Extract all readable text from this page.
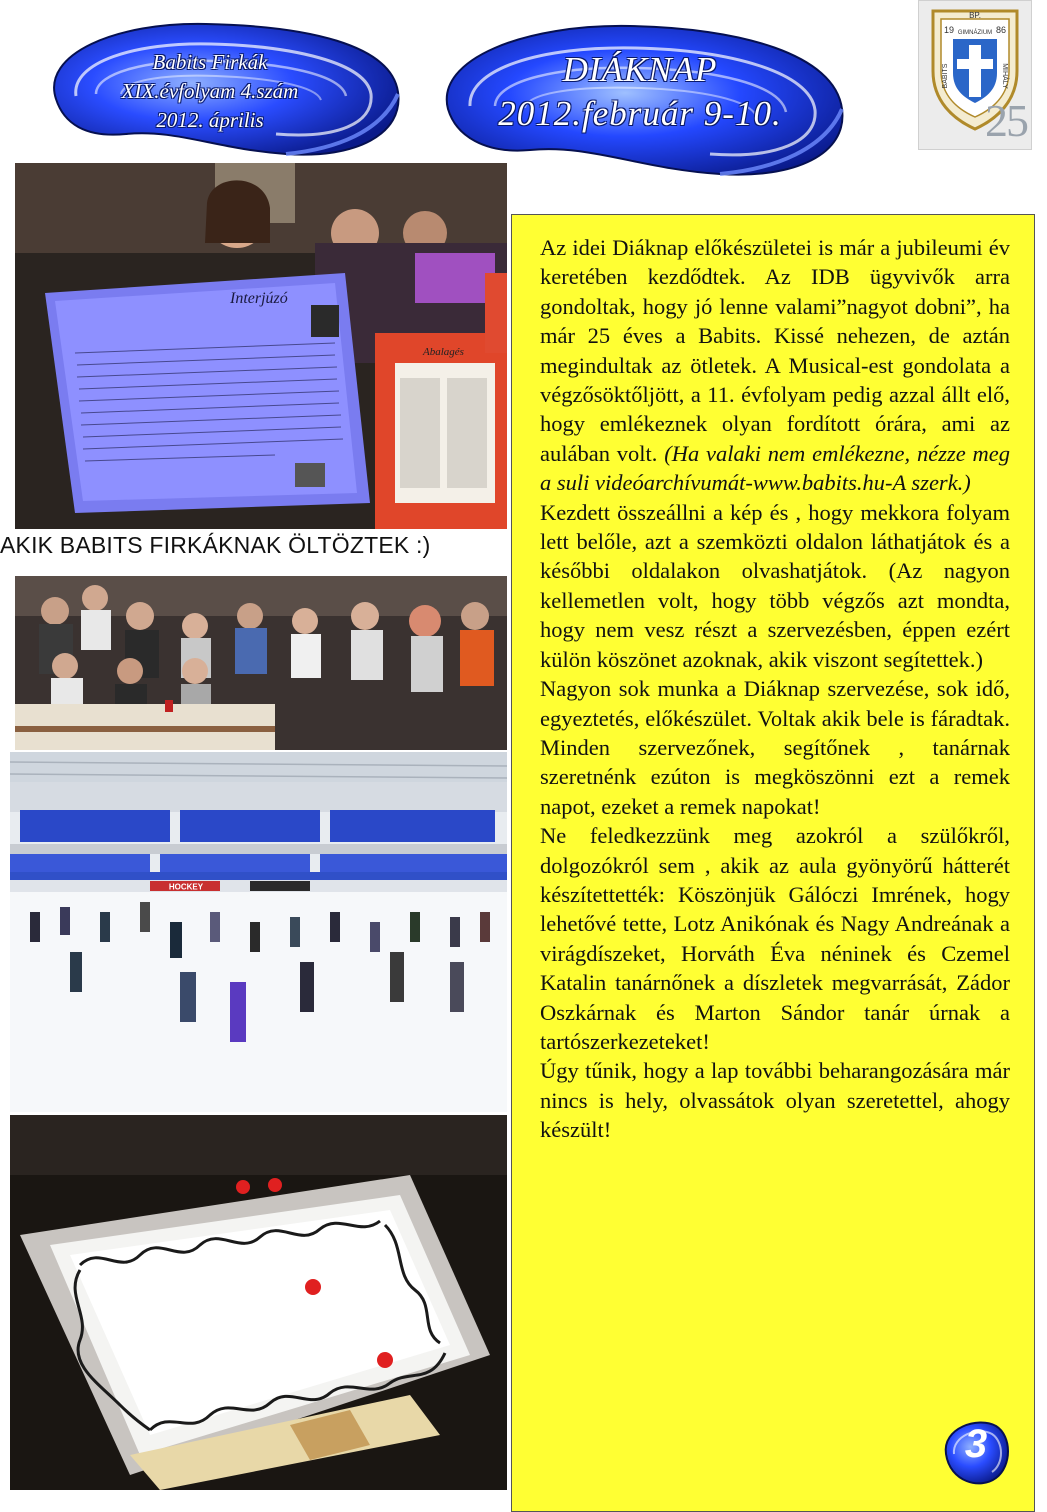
Babits Firkák
XIX.évfolyam 4.szám
2012. április
DIÁKNAP
2012.február 9-10.
BP.
19	86
GIMNÁZIUM
BABITS	MIHÁLY
25
Interjúzó
Abalagés
AKIK BABITS FIRKÁKNAK ÖLTÖZTEK :)
HOCKEY

Az idei Diáknap előkészületei is már a jubileumi év keretében kezdődtek. Az IDB ügyvivők arra gondoltak, hogy jó lenne valami”nagyot dobni”, ha már 25 éves a Babits. Kissé nehezen, de aztán megindultak az ötletek. A Musical-est gondolata a végzősöktőljött, a 11. évfolyam pedig azzal állt elő, hogy emlékeznek olyan fordított órára, ami az aulában volt. (Ha valaki nem emlékezne, nézze meg a suli videóarchívumát-www.babits.hu-A szerk.)

Kezdett összeállni a kép és , hogy mekkora folyam lett belőle, azt a szemközti oldalon láthatjátok és a későbbi oldalakon olvashatjátok. (Az nagyon kellemetlen volt, hogy több végzős azt mondta, hogy nem vesz részt a szervezésben, éppen ezért külön köszönet azoknak, akik viszont segítettek.)

Nagyon sok munka a Diáknap szervezése, sok idő, egyeztetés, előkészület. Voltak akik bele is fáradtak. Minden szervezőnek, segítőnek , tanárnak szeretnénk ezúton is megköszönni ezt a remek napot, ezeket a remek napokat!

Ne feledkezzünk meg azokról a szülőkről, dolgozókról sem , akik az aula gyönyörű hátterét készítettették: Köszönjük Gálóczi Imrének, hogy lehetővé tette, Lotz Anikónak és Nagy Andreának a virágdíszeket, Horváth Éva néninek és Czemel Katalin tanárnőnek a díszletek megvarrását, Zádor Oszkárnak és Marton Sándor tanár úrnak a tartószerkezeteket!

Úgy tűnik, hogy a lap további beharangozására már nincs is hely, olvassátok olyan szeretettel, ahogy készült!

3
